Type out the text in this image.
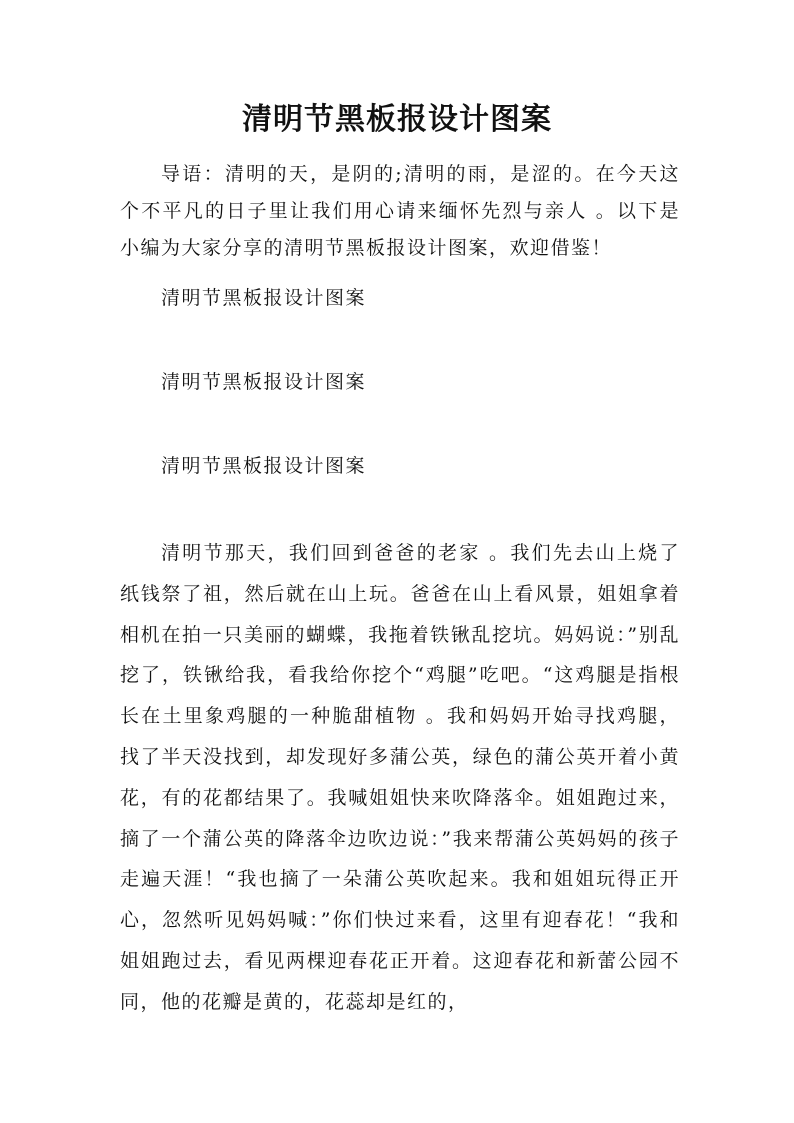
清明节黑板报设计图案

导语：清明的天，是阴的;清明的雨，是涩的。在今天这个不平凡的日子里让我们用心请来缅怀先烈与亲人 。以下是小编为大家分享的清明节黑板报设计图案，欢迎借鉴！

清明节黑板报设计图案
清明节黑板报设计图案
清明节黑板报设计图案

清明节那天，我们回到爸爸的老家 。我们先去山上烧了纸钱祭了祖，然后就在山上玩。爸爸在山上看风景，姐姐拿着相机在拍一只美丽的蝴蝶，我拖着铁锹乱挖坑。妈妈说：”别乱挖了，铁锹给我，看我给你挖个“鸡腿”吃吧。“这鸡腿是指根长在土里象鸡腿的一种脆甜植物 。我和妈妈开始寻找鸡腿，找了半天没找到，却发现好多蒲公英，绿色的蒲公英开着小黄花，有的花都结果了。我喊姐姐快来吹降落伞。姐姐跑过来，摘了一个蒲公英的降落伞边吹边说：”我来帮蒲公英妈妈的孩子走遍天涯！“我也摘了一朵蒲公英吹起来。我和姐姐玩得正开心，忽然听见妈妈喊：”你们快过来看，这里有迎春花！“我和姐姐跑过去，看见两棵迎春花正开着。这迎春花和新蕾公园不同，他的花瓣是黄的，花蕊却是红的，
